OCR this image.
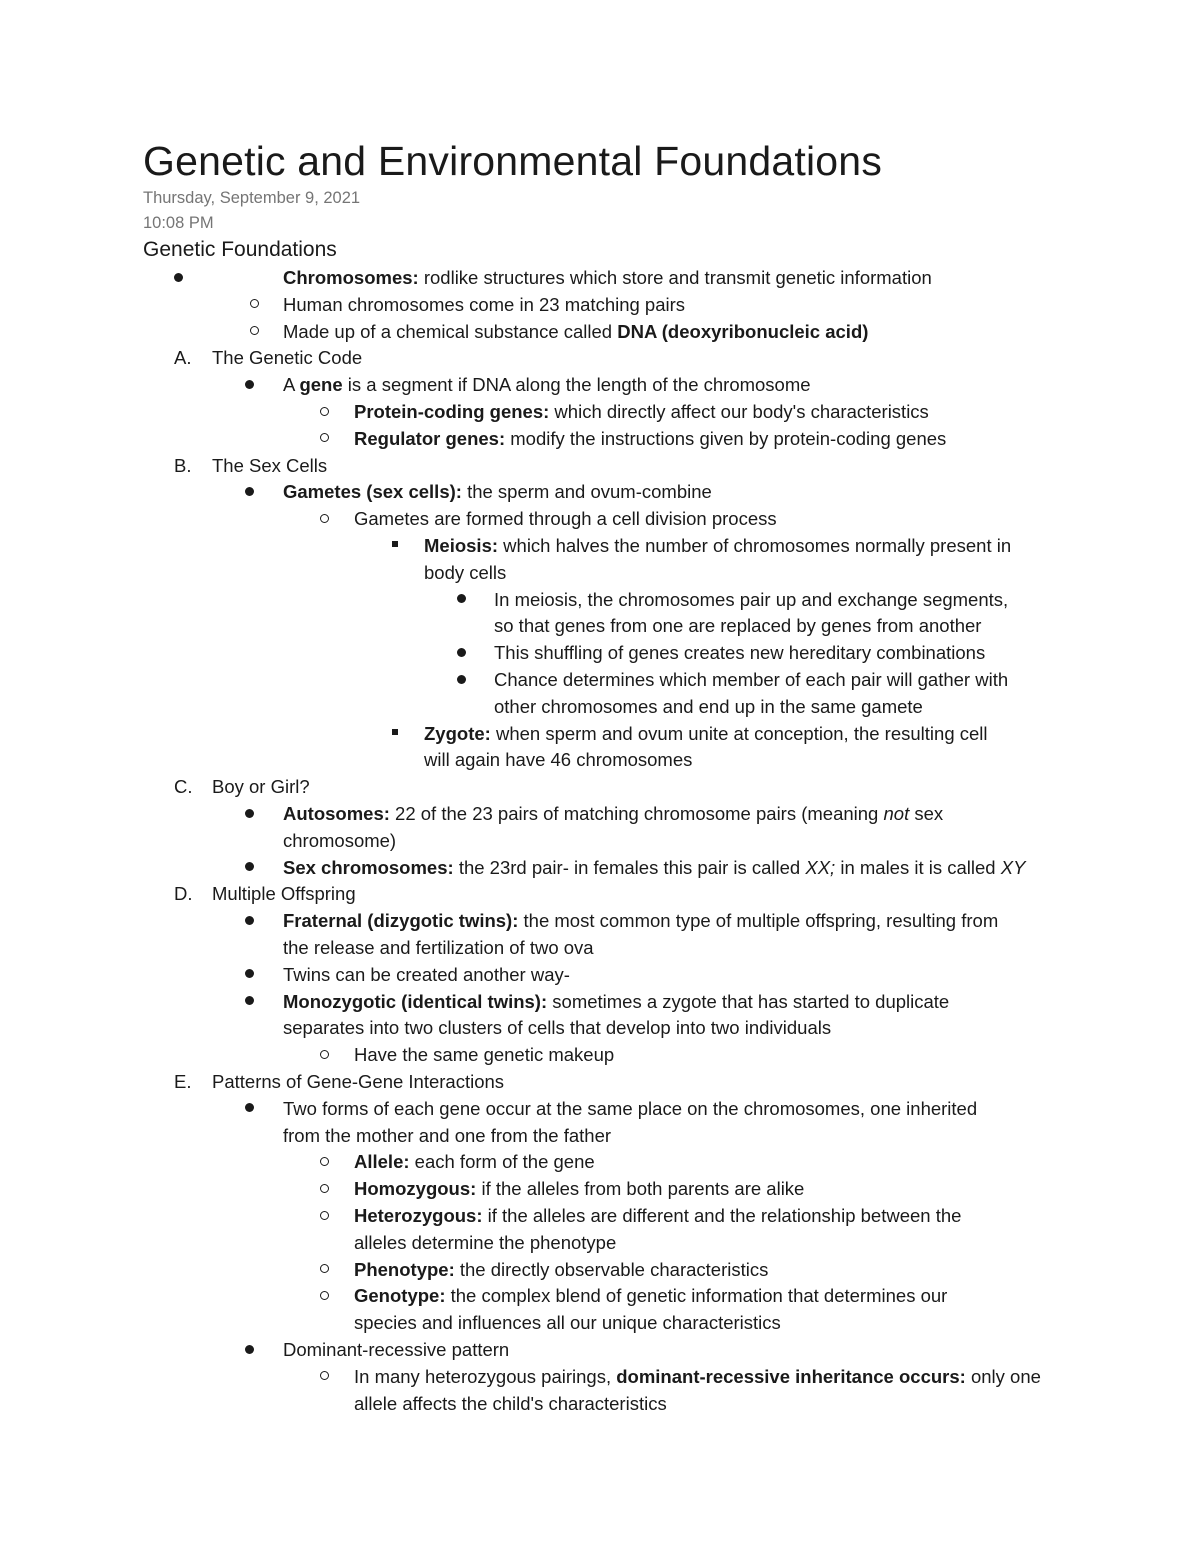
Genetic and Environmental Foundations
Thursday, September 9, 2021
10:08 PM
Genetic Foundations
Chromosomes: rodlike structures which store and transmit genetic information
Human chromosomes come in 23 matching pairs
Made up of a chemical substance called DNA (deoxyribonucleic acid)
A. The Genetic Code
A gene is a segment if DNA along the length of the chromosome
Protein-coding genes: which directly affect our body's characteristics
Regulator genes: modify the instructions given by protein-coding genes
B. The Sex Cells
Gametes (sex cells): the sperm and ovum-combine
Gametes are formed through a cell division process
Meiosis: which halves the number of chromosomes normally present in
body cells
In meiosis, the chromosomes pair up and exchange segments,
so that genes from one are replaced by genes from another
This shuffling of genes creates new hereditary combinations
Chance determines which member of each pair will gather with
other chromosomes and end up in the same gamete
Zygote: when sperm and ovum unite at conception, the resulting cell
will again have 46 chromosomes
C. Boy or Girl?
Autosomes: 22 of the 23 pairs of matching chromosome pairs (meaning not sex
chromosome)
Sex chromosomes: the 23rd pair- in females this pair is called XX; in males it is called XY
D. Multiple Offspring
Fraternal (dizygotic twins): the most common type of multiple offspring, resulting from
the release and fertilization of two ova
Twins can be created another way-
Monozygotic (identical twins): sometimes a zygote that has started to duplicate
separates into two clusters of cells that develop into two individuals
Have the same genetic makeup
E. Patterns of Gene-Gene Interactions
Two forms of each gene occur at the same place on the chromosomes, one inherited
from the mother and one from the father
Allele: each form of the gene
Homozygous: if the alleles from both parents are alike
Heterozygous: if the alleles are different and the relationship between the
alleles determine the phenotype
Phenotype: the directly observable characteristics
Genotype: the complex blend of genetic information that determines our
species and influences all our unique characteristics
Dominant-recessive pattern
In many heterozygous pairings, dominant-recessive inheritance occurs: only one
allele affects the child's characteristics
